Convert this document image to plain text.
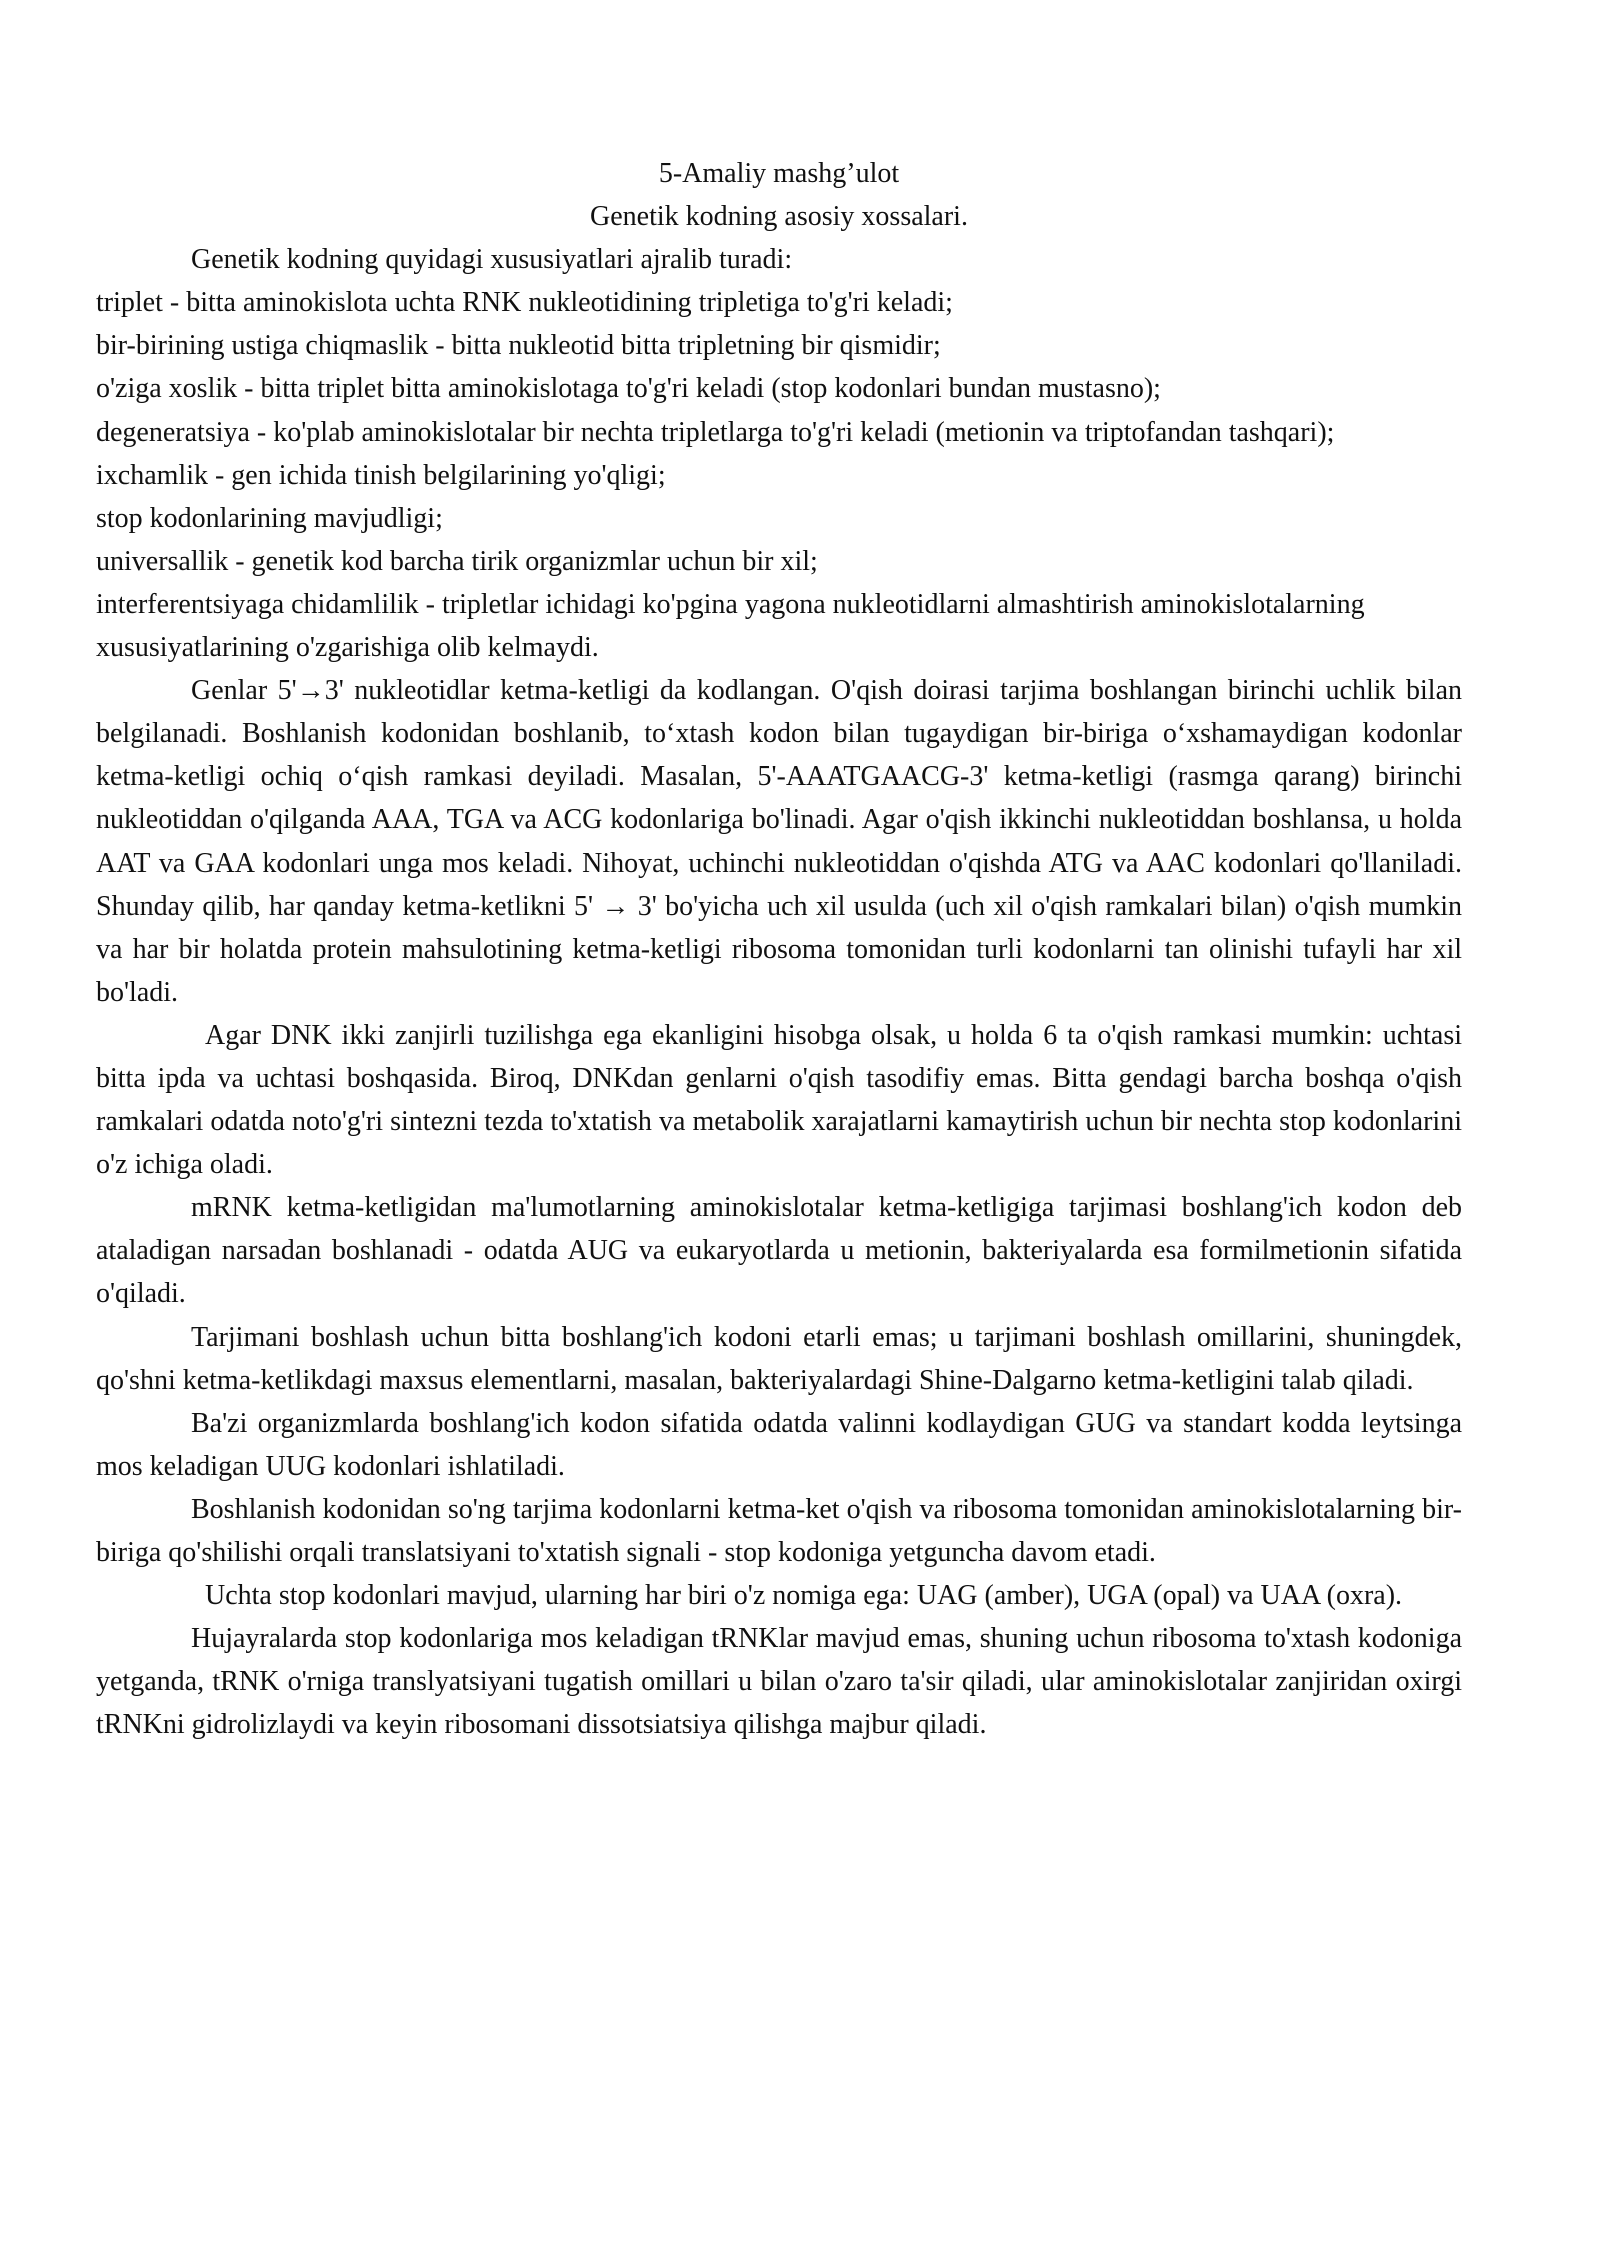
5-Amaliy mashg’ulot

Genetik kodning asosiy xossalari.

Genetik kodning quyidagi xususiyatlari ajralib turadi:

triplet - bitta aminokislota uchta RNK nukleotidining tripletiga to'g'ri keladi;

bir-birining ustiga chiqmaslik - bitta nukleotid bitta tripletning bir qismidir;

o'ziga xoslik - bitta triplet bitta aminokislotaga to'g'ri keladi (stop kodonlari bundan mustasno);

degeneratsiya - ko'plab aminokislotalar bir nechta tripletlarga to'g'ri keladi (metionin va triptofandan tashqari);

ixchamlik - gen ichida tinish belgilarining yo'qligi;

stop kodonlarining mavjudligi;

universallik - genetik kod barcha tirik organizmlar uchun bir xil;

interferentsiyaga chidamlilik - tripletlar ichidagi ko'pgina yagona nukleotidlarni almashtirish aminokislotalarning xususiyatlarining o'zgarishiga olib kelmaydi.

Genlar 5'→3' nukleotidlar ketma-ketligi da kodlangan. O'qish doirasi tarjima boshlangan birinchi uchlik bilan belgilanadi. Boshlanish kodonidan boshlanib, to‘xtash kodon bilan tugaydigan bir-biriga o‘xshamaydigan kodonlar ketma-ketligi ochiq o‘qish ramkasi deyiladi. Masalan, 5'-AAATGAACG-3' ketma-ketligi (rasmga qarang) birinchi nukleotiddan o'qilganda AAA, TGA va ACG kodonlariga bo'linadi. Agar o'qish ikkinchi nukleotiddan boshlansa, u holda AAT va GAA kodonlari unga mos keladi. Nihoyat, uchinchi nukleotiddan o'qishda ATG va AAC kodonlari qo'llaniladi. Shunday qilib, har qanday ketma-ketlikni 5' → 3' bo'yicha uch xil usulda (uch xil o'qish ramkalari bilan) o'qish mumkin va har bir holatda protein mahsulotining ketma-ketligi ribosoma tomonidan turli kodonlarni tan olinishi tufayli har xil bo'ladi.

Agar DNK ikki zanjirli tuzilishga ega ekanligini hisobga olsak, u holda 6 ta o'qish ramkasi mumkin: uchtasi bitta ipda va uchtasi boshqasida. Biroq, DNKdan genlarni o'qish tasodifiy emas. Bitta gendagi barcha boshqa o'qish ramkalari odatda noto'g'ri sintezni tezda to'xtatish va metabolik xarajatlarni kamaytirish uchun bir nechta stop kodonlarini o'z ichiga oladi.

mRNK ketma-ketligidan ma'lumotlarning aminokislotalar ketma-ketligiga tarjimasi boshlang'ich kodon deb ataladigan narsadan boshlanadi - odatda AUG va eukaryotlarda u metionin, bakteriyalarda esa formilmetionin sifatida o'qiladi.

Tarjimani boshlash uchun bitta boshlang'ich kodoni etarli emas; u tarjimani boshlash omillarini, shuningdek, qo'shni ketma-ketlikdagi maxsus elementlarni, masalan, bakteriyalardagi Shine-Dalgarno ketma-ketligini talab qiladi.

Ba'zi organizmlarda boshlang'ich kodon sifatida odatda valinni kodlaydigan GUG va standart kodda leytsinga mos keladigan UUG kodonlari ishlatiladi.

Boshlanish kodonidan so'ng tarjima kodonlarni ketma-ket o'qish va ribosoma tomonidan aminokislotalarning bir-biriga qo'shilishi orqali translatsiyani to'xtatish signali - stop kodoniga yetguncha davom etadi.

Uchta stop kodonlari mavjud, ularning har biri o'z nomiga ega: UAG (amber), UGA (opal) va UAA (oxra).

Hujayralarda stop kodonlariga mos keladigan tRNKlar mavjud emas, shuning uchun ribosoma to'xtash kodoniga yetganda, tRNK o'rniga translyatsiyani tugatish omillari u bilan o'zaro ta'sir qiladi, ular aminokislotalar zanjiridan oxirgi tRNKni gidrolizlaydi va keyin ribosomani dissotsiatsiya qilishga majbur qiladi.
